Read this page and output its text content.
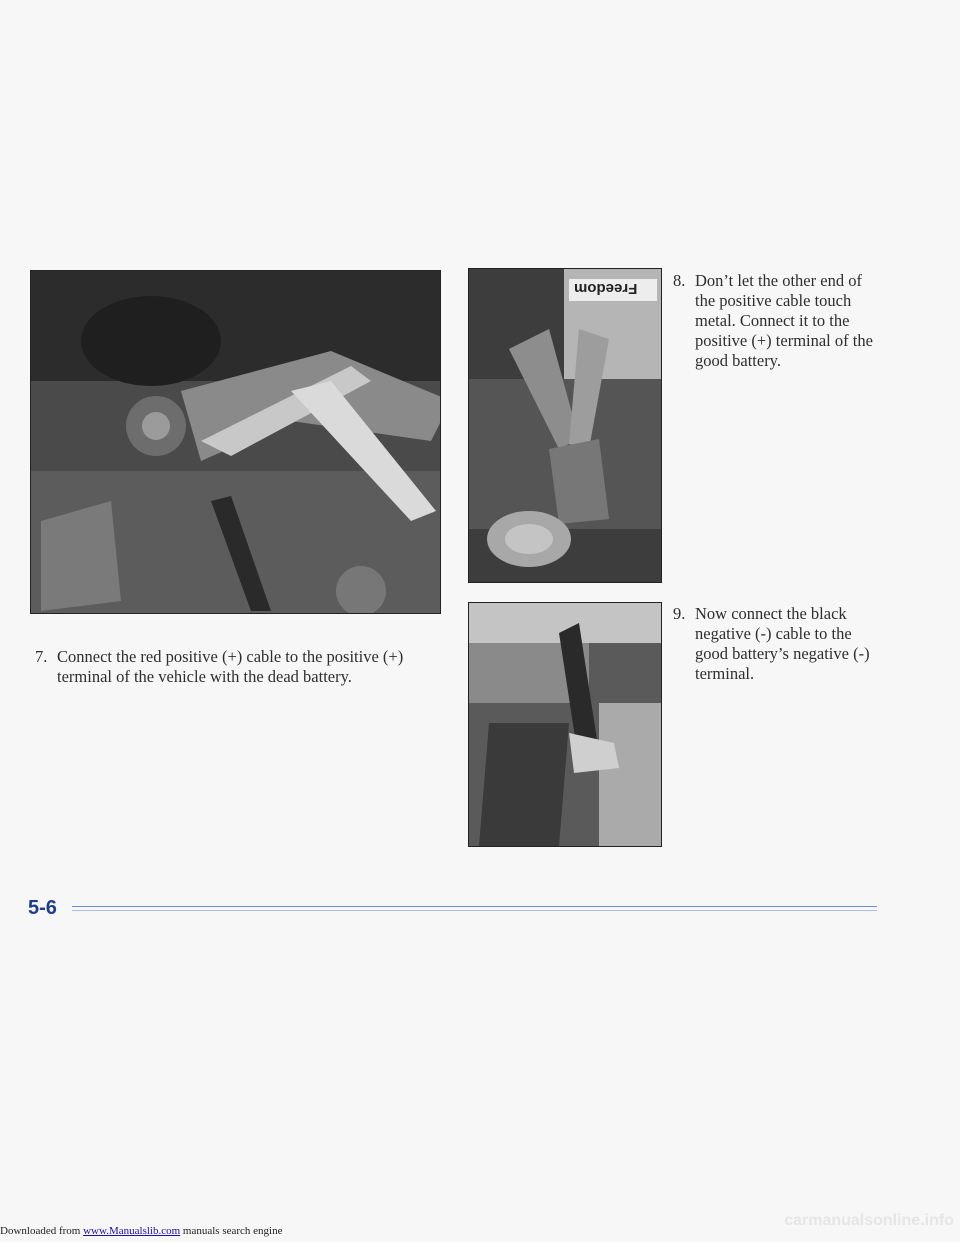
Freedom
7. Connect the red positive (+) cable to the positive (+) terminal of the vehicle with the dead battery.
8. Don’t let the other end of the positive cable touch metal. Connect it to the positive (+) terminal of the good battery.
9. Now connect the black negative (-) cable to the good battery’s negative (-) terminal.
5-6
Downloaded from www.Manualslib.com manuals search engine
carmanualsonline.info
